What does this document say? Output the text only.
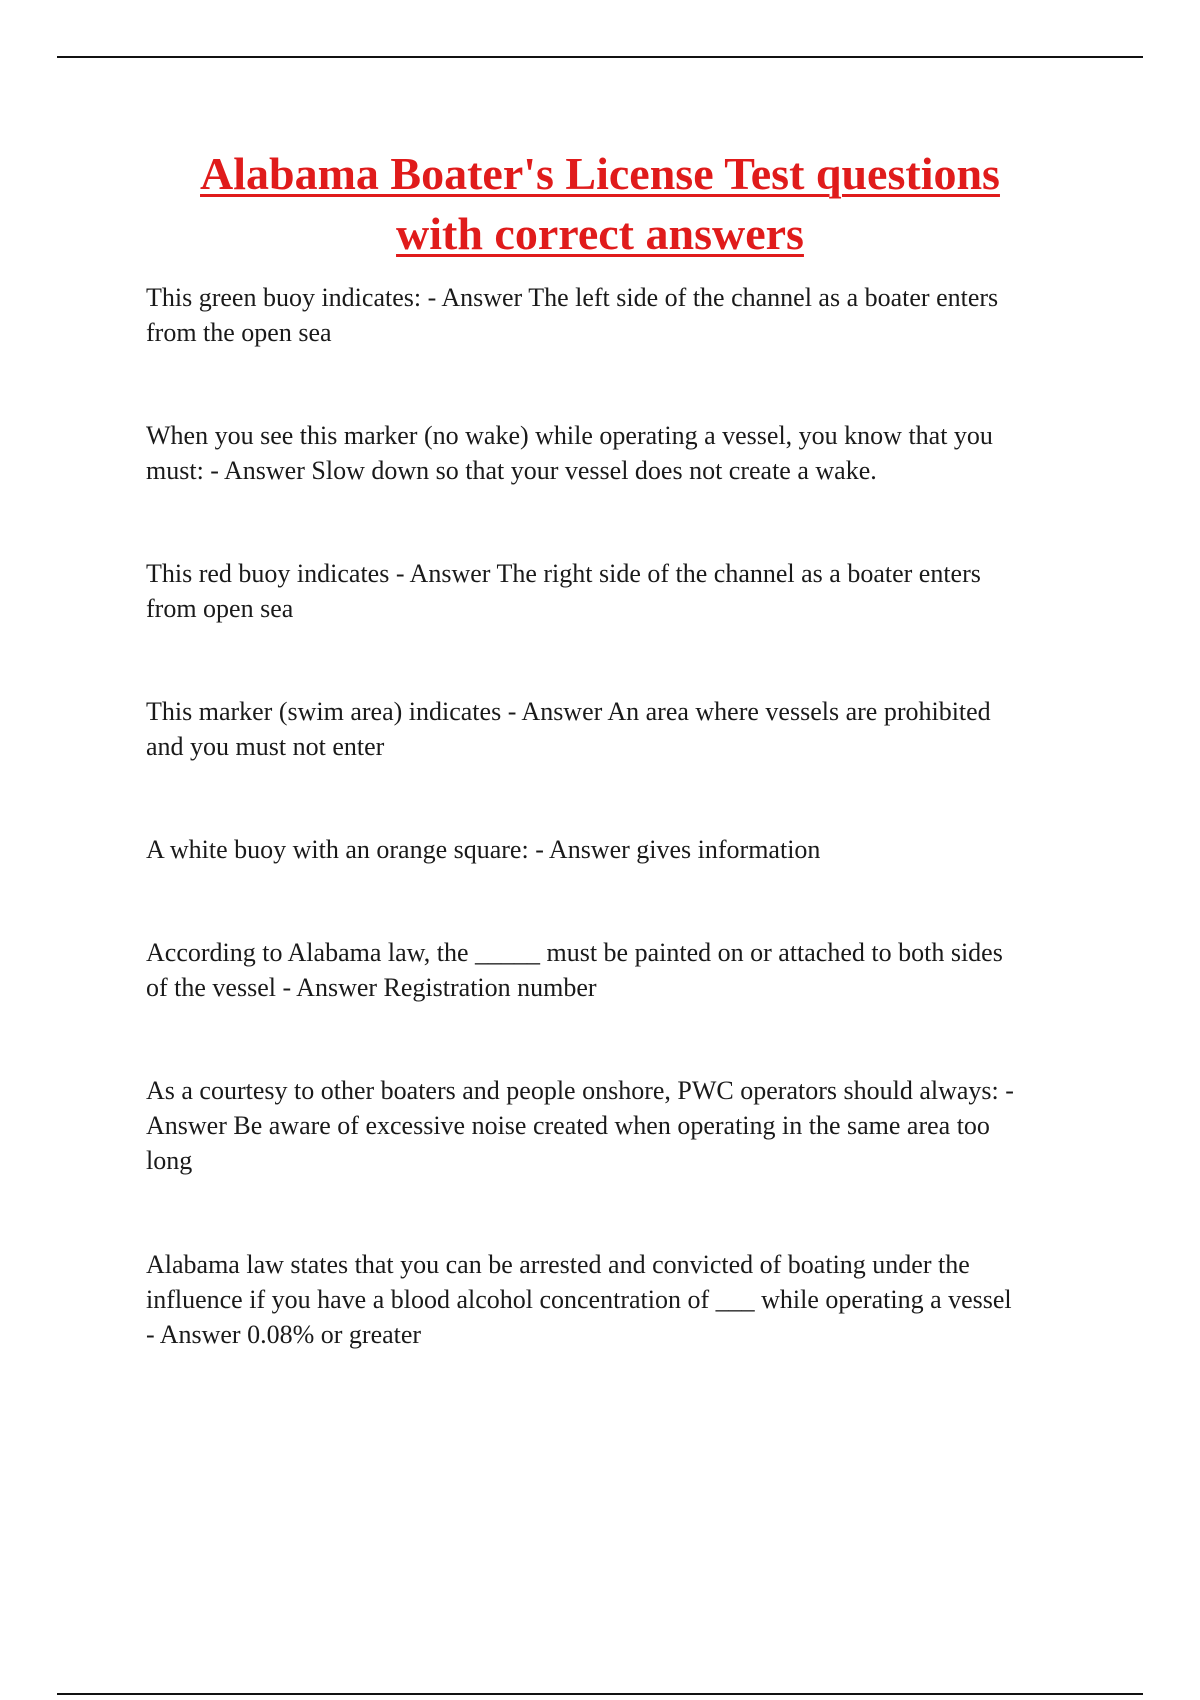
Alabama Boater's License Test questions
with correct answers

This green buoy indicates: - Answer The left side of the channel as a boater enters
from the open sea

When you see this marker (no wake) while operating a vessel, you know that you
must: - Answer Slow down so that your vessel does not create a wake.

This red buoy indicates - Answer The right side of the channel as a boater enters
from open sea

This marker (swim area) indicates - Answer An area where vessels are prohibited
and you must not enter

A white buoy with an orange square: - Answer gives information

According to Alabama law, the _____ must be painted on or attached to both sides
of the vessel - Answer Registration number

As a courtesy to other boaters and people onshore, PWC operators should always: -
Answer Be aware of excessive noise created when operating in the same area too
long

Alabama law states that you can be arrested and convicted of boating under the
influence if you have a blood alcohol concentration of ___ while operating a vessel
- Answer 0.08% or greater
